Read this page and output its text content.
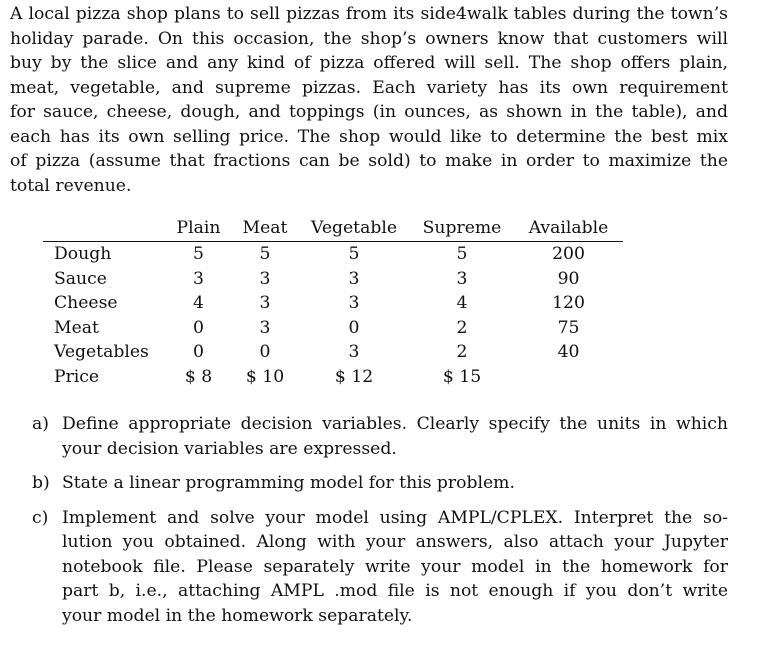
A local pizza shop plans to sell pizzas from its side4walk tables during the town’s
holiday parade. On this occasion, the shop’s owners know that customers will
buy by the slice and any kind of pizza offered will sell. The shop offers plain,
meat, vegetable, and supreme pizzas. Each variety has its own requirement
for sauce, cheese, dough, and toppings (in ounces, as shown in the table), and
each has its own selling price. The shop would like to determine the best mix
of pizza (assume that fractions can be sold) to make in order to maximize the
total revenue.
	Plain	Meat	Vegetable	Supreme	Available
Dough	5	5	5	5	200
Sauce	3	3	3	3	90
Cheese	4	3	3	4	120
Meat	0	3	0	2	75
Vegetables	0	0	3	2	40
Price	$ 8	$ 10	$ 12	$ 15	
a) Define appropriate decision variables. Clearly specify the units in which
your decision variables are expressed.
b) State a linear programming model for this problem.
c) Implement and solve your model using AMPL/CPLEX. Interpret the so-
lution you obtained. Along with your answers, also attach your Jupyter
notebook file. Please separately write your model in the homework for
part b, i.e., attaching AMPL .mod file is not enough if you don’t write
your model in the homework separately.
